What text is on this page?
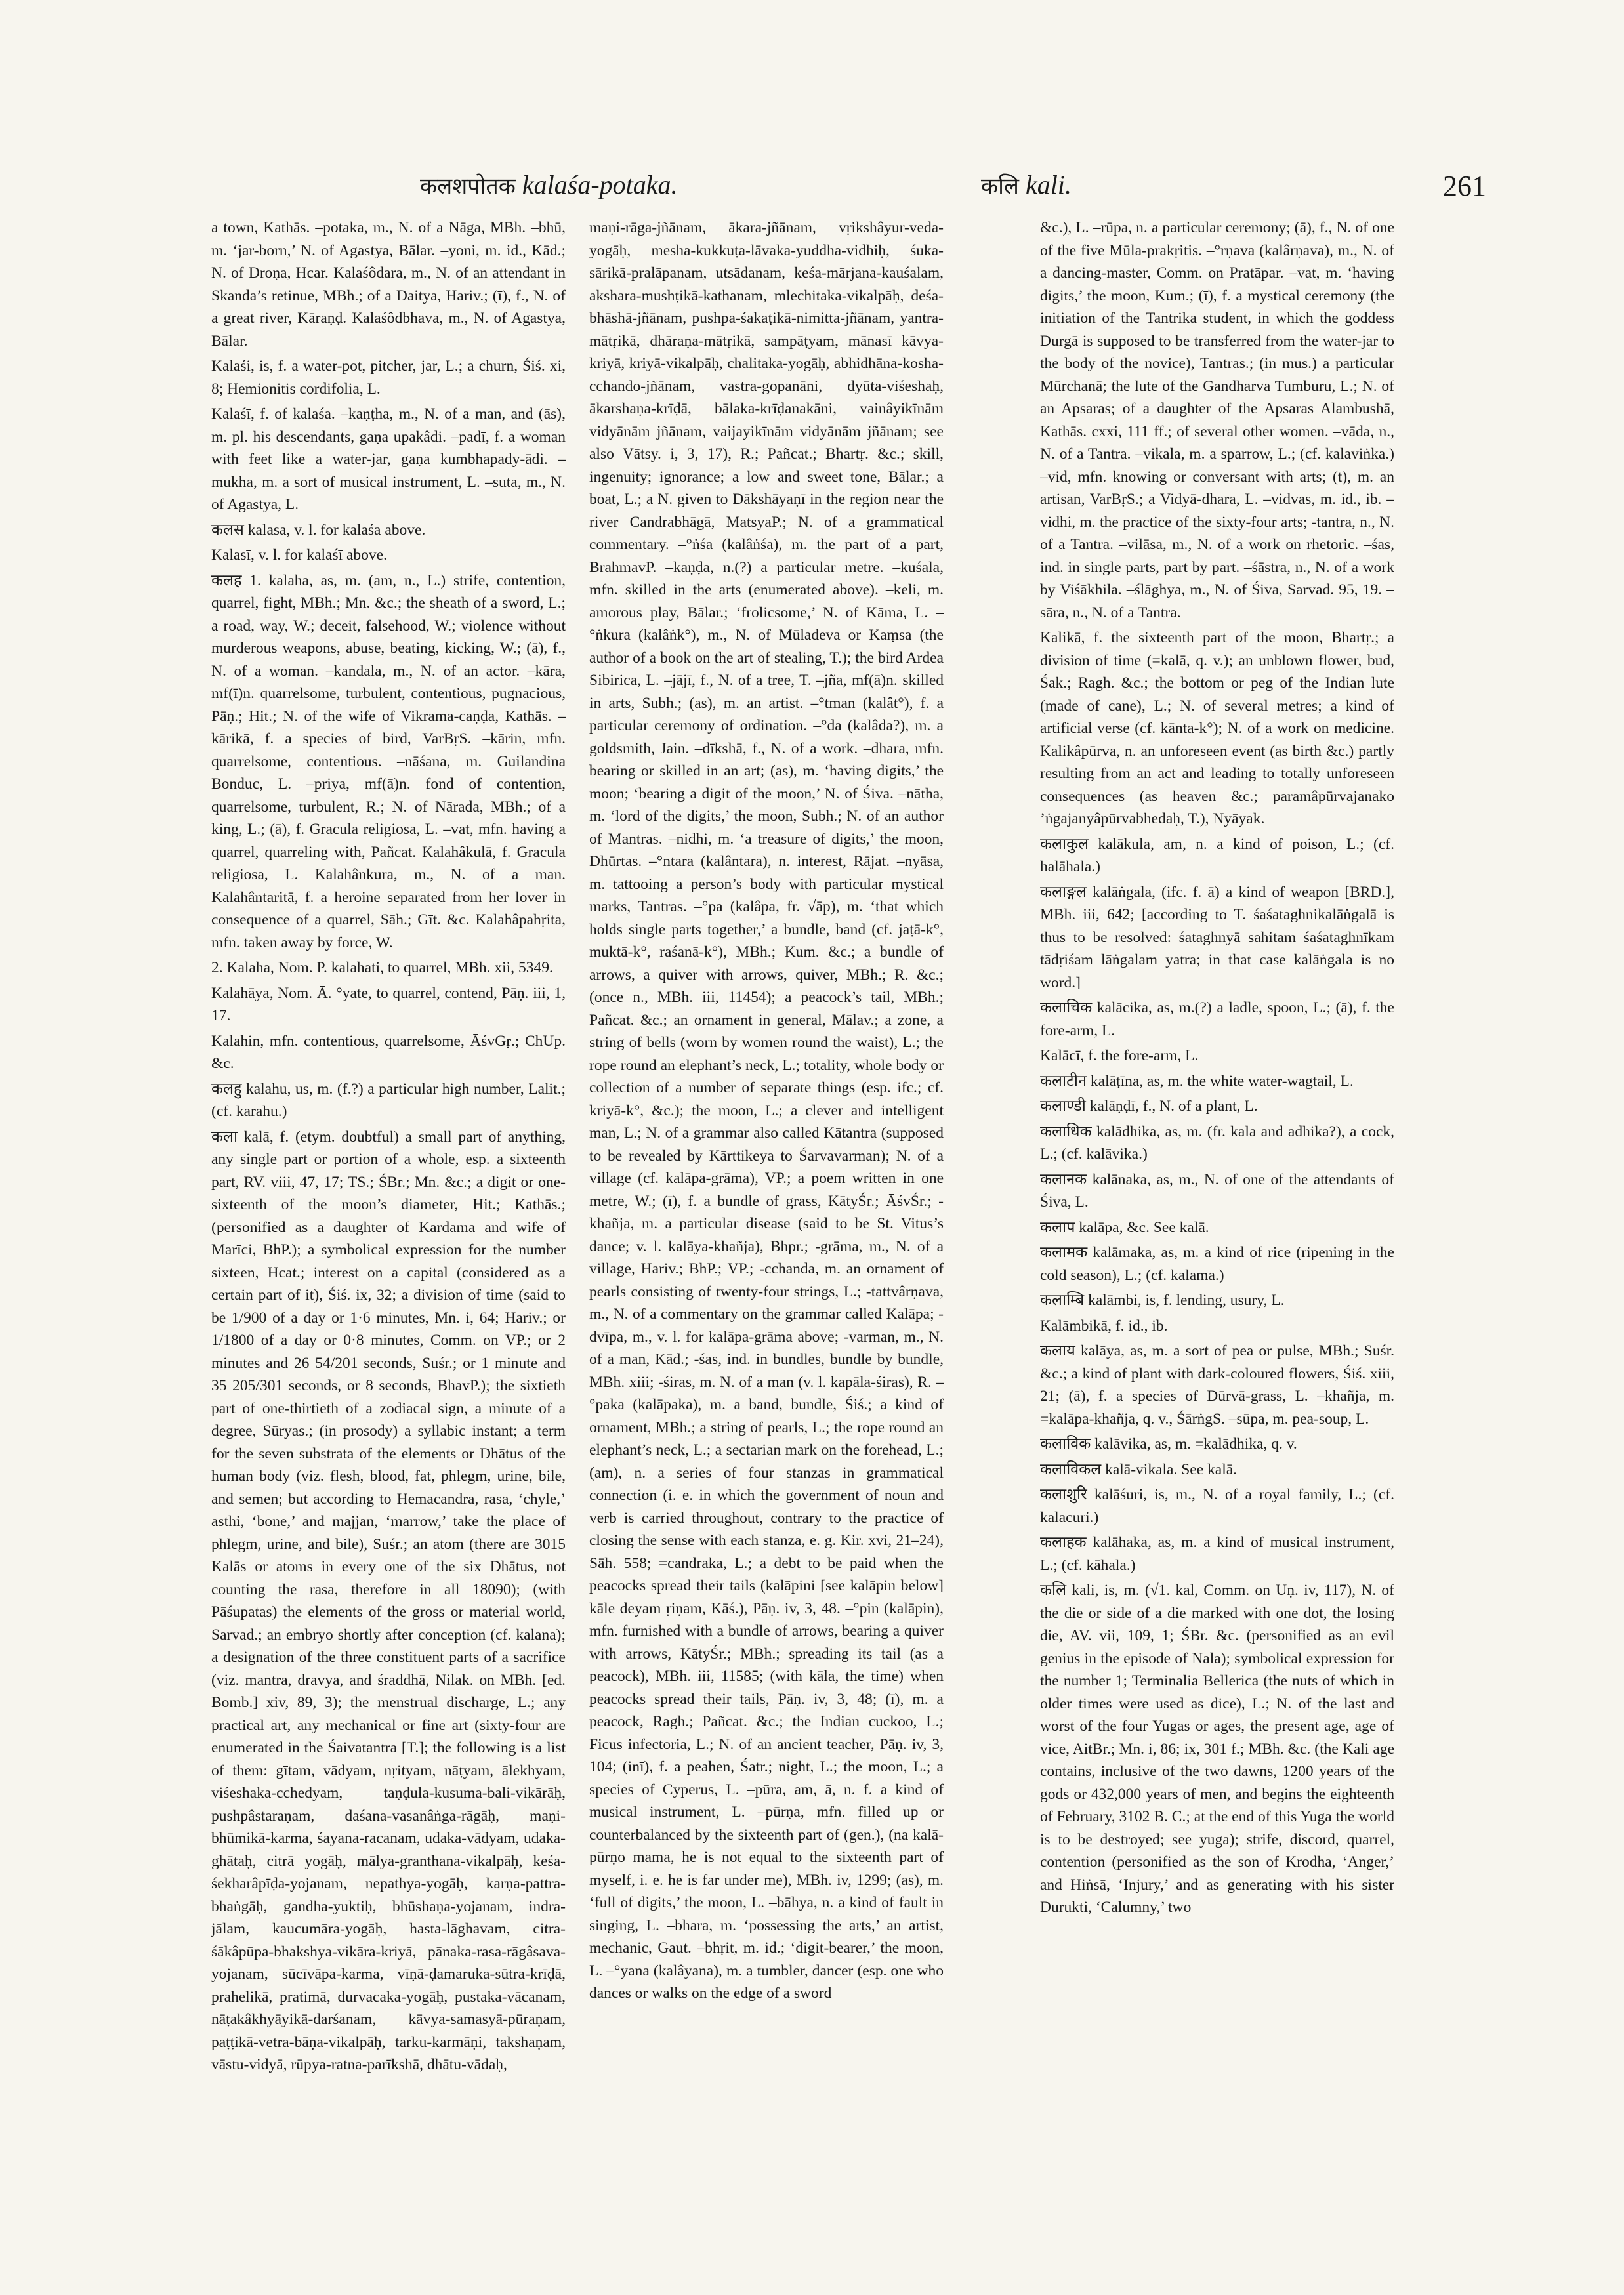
कलशपोतक kalaśa-potaka.	कलि kali.	261

a town, Kathās. –potaka, m., N. of a Nāga, MBh. –bhū, m. ‘jar-born,’ N. of Agastya, Bālar. –yoni, m. id., Kād.; N. of Droṇa, Hcar. Kalaśôdara, m., N. of an attendant in Skanda’s retinue, MBh.; of a Daitya, Hariv.; (ī), f., N. of a great river, Kāraṇḍ. Kalaśôdbhava, m., N. of Agastya, Bālar.

Kalaśi, is, f. a water-pot, pitcher, jar, L.; a churn, Śiś. xi, 8; Hemionitis cordifolia, L.

Kalaśī, f. of kalaśa. –kaṇṭha, m., N. of a man, and (ās), m. pl. his descendants, gaṇa upakâdi. –padī, f. a woman with feet like a water-jar, gaṇa kumbhapady-ādi. –mukha, m. a sort of musical instrument, L. –suta, m., N. of Agastya, L.

कलस kalasa, v. l. for kalaśa above.

Kalasī, v. l. for kalaśī above.

कलह 1. kalaha, as, m. (am, n., L.) strife, contention, quarrel, fight, MBh.; Mn. &c.; the sheath of a sword, L.; a road, way, W.; deceit, falsehood, W.; violence without murderous weapons, abuse, beating, kicking, W.; (ā), f., N. of a woman. –kandala, m., N. of an actor. –kāra, mf(ī)n. quarrelsome, turbulent, contentious, pugnacious, Pāṇ.; Hit.; N. of the wife of Vikrama-caṇḍa, Kathās. –kārikā, f. a species of bird, VarBṛS. –kārin, mfn. quarrelsome, contentious. –nāśana, m. Guilandina Bonduc, L. –priya, mf(ā)n. fond of contention, quarrelsome, turbulent, R.; N. of Nārada, MBh.; of a king, L.; (ā), f. Gracula religiosa, L. –vat, mfn. having a quarrel, quarreling with, Pañcat. Kalahâkulā, f. Gracula religiosa, L. Kalahânkura, m., N. of a man. Kalahântaritā, f. a heroine separated from her lover in consequence of a quarrel, Sāh.; Gīt. &c. Kalahâpahṛita, mfn. taken away by force, W.

2. Kalaha, Nom. P. kalahati, to quarrel, MBh. xii, 5349.

Kalahāya, Nom. Ā. °yate, to quarrel, contend, Pāṇ. iii, 1, 17.

Kalahin, mfn. contentious, quarrelsome, ĀśvGṛ.; ChUp. &c.

कलहु kalahu, us, m. (f.?) a particular high number, Lalit.; (cf. karahu.)

कला kalā, f. (etym. doubtful) a small part of anything, any single part or portion of a whole, esp. a sixteenth part, RV. viii, 47, 17; TS.; ŚBr.; Mn. &c.; a digit or one-sixteenth of the moon’s diameter, Hit.; Kathās.; (personified as a daughter of Kardama and wife of Marīci, BhP.); a symbolical expression for the number sixteen, Hcat.; interest on a capital (considered as a certain part of it), Śiś. ix, 32; a division of time (said to be 1/900 of a day or 1·6 minutes, Mn. i, 64; Hariv.; or 1/1800 of a day or 0·8 minutes, Comm. on VP.; or 2 minutes and 26 54/201 seconds, Suśr.; or 1 minute and 35 205/301 seconds, or 8 seconds, BhavP.); the sixtieth part of one-thirtieth of a zodiacal sign, a minute of a degree, Sūryas.; (in prosody) a syllabic instant; a term for the seven substrata of the elements or Dhātus of the human body (viz. flesh, blood, fat, phlegm, urine, bile, and semen; but according to Hemacandra, rasa, ‘chyle,’ asthi, ‘bone,’ and majjan, ‘marrow,’ take the place of phlegm, urine, and bile), Suśr.; an atom (there are 3015 Kalās or atoms in every one of the six Dhātus, not counting the rasa, therefore in all 18090); (with Pāśupatas) the elements of the gross or material world, Sarvad.; an embryo shortly after conception (cf. kalana); a designation of the three constituent parts of a sacrifice (viz. mantra, dravya, and śraddhā, Nilak. on MBh. [ed. Bomb.] xiv, 89, 3); the menstrual discharge, L.; any practical art, any mechanical or fine art (sixty-four are enumerated in the Śaivatantra [T.]; the following is a list of them: gītam, vādyam, nṛityam, nāṭyam, ālekhyam, viśeshaka-cchedyam, taṇḍula-kusuma-bali-vikārāḥ, pushpâstaraṇam, daśana-vasanâṅga-rāgāḥ, maṇi-bhūmikā-karma, śayana-racanam, udaka-vādyam, udaka-ghātaḥ, citrā yogāḥ, mālya-granthana-vikalpāḥ, keśa-śekharâpīḍa-yojanam, nepathya-yogāḥ, karṇa-pattra-bhaṅgāḥ, gandha-yuktiḥ, bhūshaṇa-yojanam, indra-jālam, kaucumāra-yogāḥ, hasta-lāghavam, citra-śākâpūpa-bhakshya-vikāra-kriyā, pānaka-rasa-rāgâsava-yojanam, sūcīvāpa-karma, vīṇā-ḍamaruka-sūtra-krīḍā, prahelikā, pratimā, durvacaka-yogāḥ, pustaka-vācanam, nāṭakâkhyāyikā-darśanam, kāvya-samasyā-pūraṇam, paṭṭikā-vetra-bāṇa-vikalpāḥ, tarku-karmāṇi, takshaṇam, vāstu-vidyā, rūpya-ratna-parīkshā, dhātu-vādaḥ,

maṇi-rāga-jñānam, ākara-jñānam, vṛikshâyur-veda-yogāḥ, mesha-kukkuṭa-lāvaka-yuddha-vidhiḥ, śuka-sārikā-pralāpanam, utsādanam, keśa-mārjana-kauśalam, akshara-mushṭikā-kathanam, mlechitaka-vikalpāḥ, deśa-bhāshā-jñānam, pushpa-śakaṭikā-nimitta-jñānam, yantra-mātṛikā, dhāraṇa-mātṛikā, sampāṭyam, mānasī kāvya-kriyā, kriyā-vikalpāḥ, chalitaka-yogāḥ, abhidhāna-kosha-cchando-jñānam, vastra-gopanāni, dyūta-viśeshaḥ, ākarshaṇa-krīḍā, bālaka-krīḍanakāni, vainâyikīnām vidyānām jñānam, vaijayikīnām vidyānām jñānam; see also Vātsy. i, 3, 17), R.; Pañcat.; Bhartṛ. &c.; skill, ingenuity; ignorance; a low and sweet tone, Bālar.; a boat, L.; a N. given to Dākshāyaṇī in the region near the river Candrabhāgā, MatsyaP.; N. of a grammatical commentary. –°ṅśa (kalâṅśa), m. the part of a part, BrahmavP. –kaṇḍa, n.(?) a particular metre. –kuśala, mfn. skilled in the arts (enumerated above). –keli, m. amorous play, Bālar.; ‘frolicsome,’ N. of Kāma, L. –°ṅkura (kalâṅk°), m., N. of Mūladeva or Kaṃsa (the author of a book on the art of stealing, T.); the bird Ardea Sibirica, L. –jājī, f., N. of a tree, T. –jña, mf(ā)n. skilled in arts, Subh.; (as), m. an artist. –°tman (kalât°), f. a particular ceremony of ordination. –°da (kalâda?), m. a goldsmith, Jain. –dīkshā, f., N. of a work. –dhara, mfn. bearing or skilled in an art; (as), m. ‘having digits,’ the moon; ‘bearing a digit of the moon,’ N. of Śiva. –nātha, m. ‘lord of the digits,’ the moon, Subh.; N. of an author of Mantras. –nidhi, m. ‘a treasure of digits,’ the moon, Dhūrtas. –°ntara (kalântara), n. interest, Rājat. –nyāsa, m. tattooing a person’s body with particular mystical marks, Tantras. –°pa (kalâpa, fr. √āp), m. ‘that which holds single parts together,’ a bundle, band (cf. jaṭā-k°, muktā-k°, raśanā-k°), MBh.; Kum. &c.; a bundle of arrows, a quiver with arrows, quiver, MBh.; R. &c.; (once n., MBh. iii, 11454); a peacock’s tail, MBh.; Pañcat. &c.; an ornament in general, Mālav.; a zone, a string of bells (worn by women round the waist), L.; the rope round an elephant’s neck, L.; totality, whole body or collection of a number of separate things (esp. ifc.; cf. kriyā-k°, &c.); the moon, L.; a clever and intelligent man, L.; N. of a grammar also called Kātantra (supposed to be revealed by Kārttikeya to Śarvavarman); N. of a village (cf. kalāpa-grāma), VP.; a poem written in one metre, W.; (ī), f. a bundle of grass, KātyŚr.; ĀśvŚr.; -khañja, m. a particular disease (said to be St. Vitus’s dance; v. l. kalāya-khañja), Bhpr.; -grāma, m., N. of a village, Hariv.; BhP.; VP.; -cchanda, m. an ornament of pearls consisting of twenty-four strings, L.; -tattvârṇava, m., N. of a commentary on the grammar called Kalāpa; -dvīpa, m., v. l. for kalāpa-grāma above; -varman, m., N. of a man, Kād.; -śas, ind. in bundles, bundle by bundle, MBh. xiii; -śiras, m. N. of a man (v. l. kapāla-śiras), R. –°paka (kalāpaka), m. a band, bundle, Śiś.; a kind of ornament, MBh.; a string of pearls, L.; the rope round an elephant’s neck, L.; a sectarian mark on the forehead, L.; (am), n. a series of four stanzas in grammatical connection (i. e. in which the government of noun and verb is carried throughout, contrary to the practice of closing the sense with each stanza, e. g. Kir. xvi, 21–24), Sāh. 558; =candraka, L.; a debt to be paid when the peacocks spread their tails (kalāpini [see kalāpin below] kāle deyam ṛiṇam, Kāś.), Pāṇ. iv, 3, 48. –°pin (kalāpin), mfn. furnished with a bundle of arrows, bearing a quiver with arrows, KātyŚr.; MBh.; spreading its tail (as a peacock), MBh. iii, 11585; (with kāla, the time) when peacocks spread their tails, Pāṇ. iv, 3, 48; (ī), m. a peacock, Ragh.; Pañcat. &c.; the Indian cuckoo, L.; Ficus infectoria, L.; N. of an ancient teacher, Pāṇ. iv, 3, 104; (inī), f. a peahen, Śatr.; night, L.; the moon, L.; a species of Cyperus, L. –pūra, am, ā, n. f. a kind of musical instrument, L. –pūrṇa, mfn. filled up or counterbalanced by the sixteenth part of (gen.), (na kalā-pūrṇo mama, he is not equal to the sixteenth part of myself, i. e. he is far under me), MBh. iv, 1299; (as), m. ‘full of digits,’ the moon, L. –bāhya, n. a kind of fault in singing, L. –bhara, m. ‘possessing the arts,’ an artist, mechanic, Gaut. –bhṛit, m. id.; ‘digit-bearer,’ the moon, L. –°yana (kalâyana), m. a tumbler, dancer (esp. one who dances or walks on the edge of a sword

&c.), L. –rūpa, n. a particular ceremony; (ā), f., N. of one of the five Mūla-prakṛitis. –°rṇava (kalârṇava), m., N. of a dancing-master, Comm. on Pratāpar. –vat, m. ‘having digits,’ the moon, Kum.; (ī), f. a mystical ceremony (the initiation of the Tantrika student, in which the goddess Durgā is supposed to be transferred from the water-jar to the body of the novice), Tantras.; (in mus.) a particular Mūrchanā; the lute of the Gandharva Tumburu, L.; N. of an Apsaras; of a daughter of the Apsaras Alambushā, Kathās. cxxi, 111 ff.; of several other women. –vāda, n., N. of a Tantra. –vikala, m. a sparrow, L.; (cf. kalaviṅka.) –vid, mfn. knowing or conversant with arts; (t), m. an artisan, VarBṛS.; a Vidyā-dhara, L. –vidvas, m. id., ib. –vidhi, m. the practice of the sixty-four arts; -tantra, n., N. of a Tantra. –vilāsa, m., N. of a work on rhetoric. –śas, ind. in single parts, part by part. –śāstra, n., N. of a work by Viśākhila. –ślāghya, m., N. of Śiva, Sarvad. 95, 19. –sāra, n., N. of a Tantra.

Kalikā, f. the sixteenth part of the moon, Bhartṛ.; a division of time (=kalā, q. v.); an unblown flower, bud, Śak.; Ragh. &c.; the bottom or peg of the Indian lute (made of cane), L.; N. of several metres; a kind of artificial verse (cf. kānta-k°); N. of a work on medicine. Kalikâpūrva, n. an unforeseen event (as birth &c.) partly resulting from an act and leading to totally unforeseen consequences (as heaven &c.; paramâpūrvajanako ’ṅgajanyâpūrvabhedaḥ, T.), Nyāyak.

कलाकुल kalākula, am, n. a kind of poison, L.; (cf. halāhala.)

कलाङ्गल kalāṅgala, (ifc. f. ā) a kind of weapon [BRD.], MBh. iii, 642; [according to T. śaśataghnikalāṅgalā is thus to be resolved: śataghnyā sahitam śaśataghnīkam tādṛiśam lāṅgalam yatra; in that case kalāṅgala is no word.]

कलाचिक kalācika, as, m.(?) a ladle, spoon, L.; (ā), f. the fore-arm, L.

Kalācī, f. the fore-arm, L.

कलाटीन kalāṭīna, as, m. the white water-wagtail, L.

कलाण्डी kalāṇḍī, f., N. of a plant, L.

कलाधिक kalādhika, as, m. (fr. kala and adhika?), a cock, L.; (cf. kalāvika.)

कलानक kalānaka, as, m., N. of one of the attendants of Śiva, L.

कलाप kalāpa, &c. See kalā.

कलामक kalāmaka, as, m. a kind of rice (ripening in the cold season), L.; (cf. kalama.)

कलाम्बि kalāmbi, is, f. lending, usury, L.

Kalāmbikā, f. id., ib.

कलाय kalāya, as, m. a sort of pea or pulse, MBh.; Suśr. &c.; a kind of plant with dark-coloured flowers, Śiś. xiii, 21; (ā), f. a species of Dūrvā-grass, L. –khañja, m. =kalāpa-khañja, q. v., ŚārṅgS. –sūpa, m. pea-soup, L.

कलाविक kalāvika, as, m. =kalādhika, q. v.

कलाविकल kalā-vikala. See kalā.

कलाशुरि kalāśuri, is, m., N. of a royal family, L.; (cf. kalacuri.)

कलाहक kalāhaka, as, m. a kind of musical instrument, L.; (cf. kāhala.)

कलि kali, is, m. (√1. kal, Comm. on Uṇ. iv, 117), N. of the die or side of a die marked with one dot, the losing die, AV. vii, 109, 1; ŚBr. &c. (personified as an evil genius in the episode of Nala); symbolical expression for the number 1; Terminalia Bellerica (the nuts of which in older times were used as dice), L.; N. of the last and worst of the four Yugas or ages, the present age, age of vice, AitBr.; Mn. i, 86; ix, 301 f.; MBh. &c. (the Kali age contains, inclusive of the two dawns, 1200 years of the gods or 432,000 years of men, and begins the eighteenth of February, 3102 B. C.; at the end of this Yuga the world is to be destroyed; see yuga); strife, discord, quarrel, contention (personified as the son of Krodha, ‘Anger,’ and Hiṅsā, ‘Injury,’ and as generating with his sister Durukti, ‘Calumny,’ two
